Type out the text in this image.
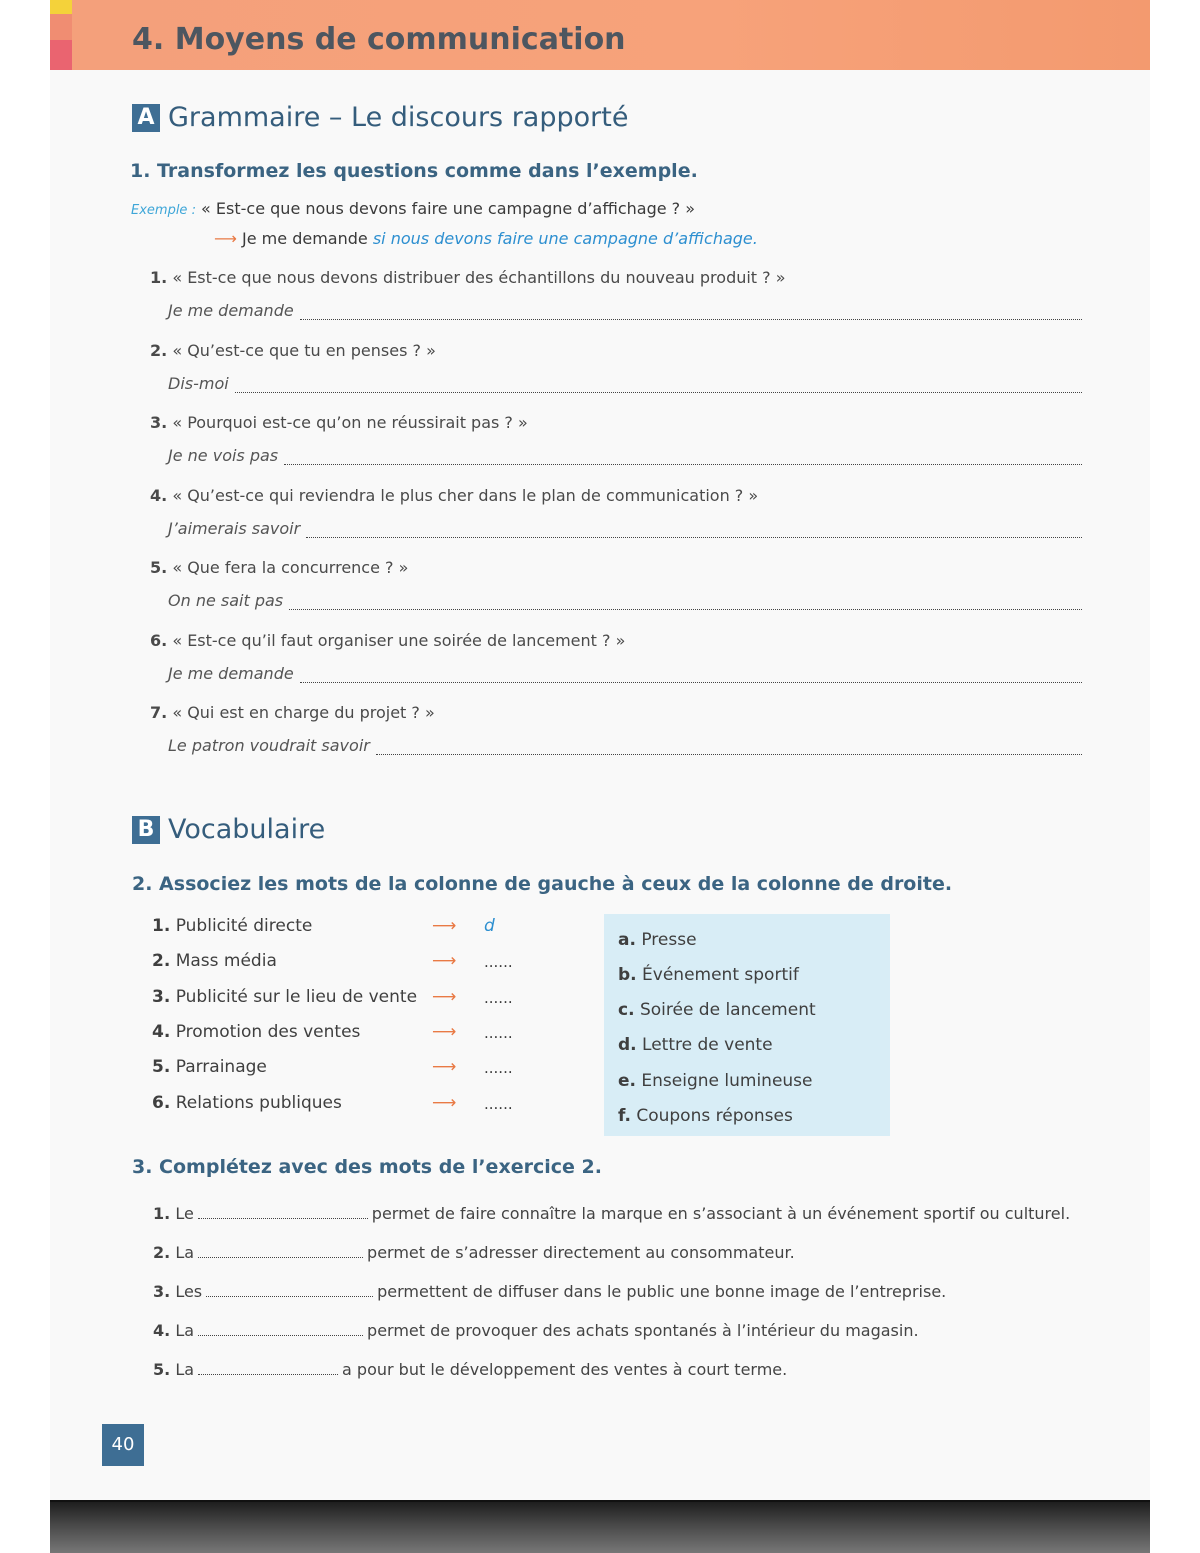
4. Moyens de communication
A Grammaire – Le discours rapporté
1. Transformez les questions comme dans l’exemple.
Exemple : « Est-ce que nous devons faire une campagne d’affichage ? »
⟶ Je me demande si nous devons faire une campagne d’affichage.
1. « Est-ce que nous devons distribuer des échantillons du nouveau produit ? »
Je me demande
2. « Qu’est-ce que tu en penses ? »
Dis-moi
3. « Pourquoi est-ce qu’on ne réussirait pas ? »
Je ne vois pas
4. « Qu’est-ce qui reviendra le plus cher dans le plan de communication ? »
J’aimerais savoir
5. « Que fera la concurrence ? »
On ne sait pas
6. « Est-ce qu’il faut organiser une soirée de lancement ? »
Je me demande
7. « Qui est en charge du projet ? »
Le patron voudrait savoir
B Vocabulaire
2. Associez les mots de la colonne de gauche à ceux de la colonne de droite.
1. Publicité directe	⟶ d
2. Mass média	⟶ ......
3. Publicité sur le lieu de vente ⟶ ......
4. Promotion des ventes	⟶ ......
5. Parrainage	⟶ ......
6. Relations publiques	⟶ ......
a. Presse
b. Événement sportif
c. Soirée de lancement
d. Lettre de vente
e. Enseigne lumineuse
f. Coupons réponses
3. Complétez avec des mots de l’exercice 2.
1. Le	permet de faire connaître la marque en s’associant à un événement sportif ou culturel.
2. La	permet de s’adresser directement au consommateur.
3. Les	permettent de diffuser dans le public une bonne image de l’entreprise.
4. La	permet de provoquer des achats spontanés à l’intérieur du magasin.
5. La	a pour but le développement des ventes à court terme.
40
